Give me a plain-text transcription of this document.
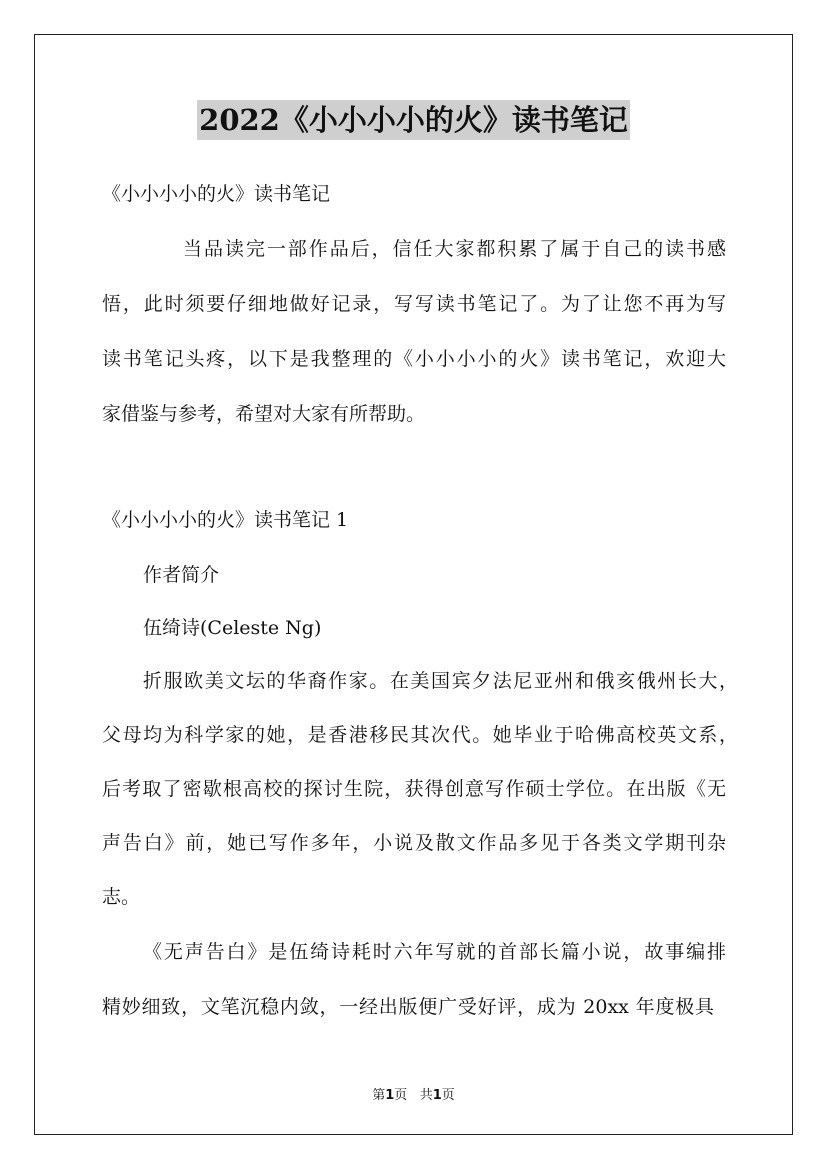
2022《小小小小的火》读书笔记
《小小小小的火》读书笔记
当品读完一部作品后，信任大家都积累了属于自己的读书感
悟，此时须要仔细地做好记录，写写读书笔记了。为了让您不再为写
读书笔记头疼，以下是我整理的《小小小小的火》读书笔记，欢迎大
家借鉴与参考，希望对大家有所帮助。
《小小小小的火》读书笔记 1
作者简介
伍绮诗(Celeste Ng)
折服欧美文坛的华裔作家。在美国宾夕法尼亚州和俄亥俄州长大，
父母均为科学家的她，是香港移民其次代。她毕业于哈佛高校英文系，
后考取了密歇根高校的探讨生院，获得创意写作硕士学位。在出版《无
声告白》前，她已写作多年，小说及散文作品多见于各类文学期刊杂
志。
《无声告白》是伍绮诗耗时六年写就的首部长篇小说，故事编排
精妙细致，文笔沉稳内敛，一经出版便广受好评，成为 20xx 年度极具
第1页 共1页
